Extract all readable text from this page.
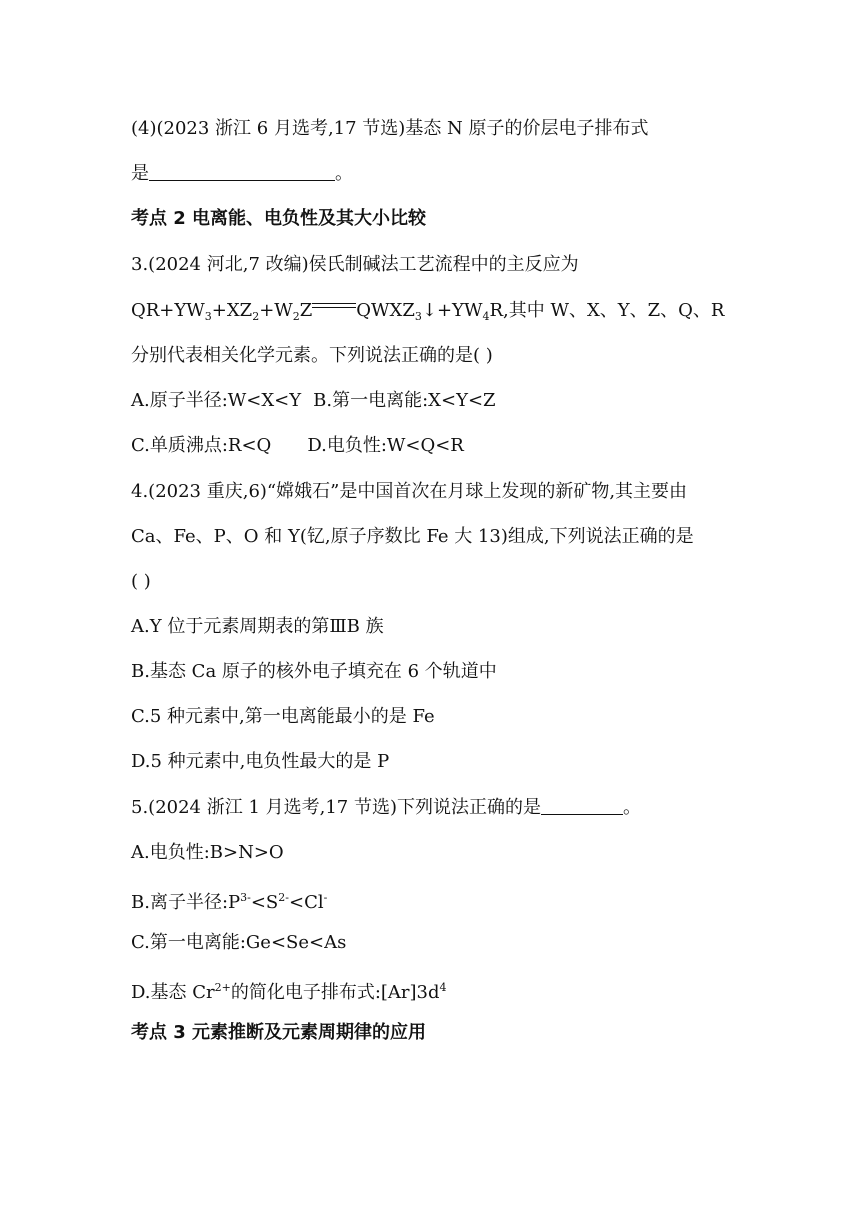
(4)(2023 浙江 6 月选考,17 节选)基态 N 原子的价层电子排布式
是	。
考点 2 电离能、电负性及其大小比较
3.(2024 河北,7 改编)侯氏制碱法工艺流程中的主反应为
$QR+YW_3+XZ_2+W_2Z$ $QWXZ_3↓+YW_4R$,其中 W、X、Y、Z、Q、R
分别代表相关化学元素。下列说法正确的是( )
A.原子半径:W<X<Y B.第一电离能:X<Y<Z
C.单质沸点:R<Q D.电负性:W<Q<R
4.(2023 重庆,6)“嫦娥石”是中国首次在月球上发现的新矿物,其主要由
Ca、Fe、P、O 和 Y(钇,原子序数比 Fe 大 13)组成,下列说法正确的是
( )
A.Y 位于元素周期表的第ⅢB 族
B.基态 Ca 原子的核外电子填充在 6 个轨道中
C.5 种元素中,第一电离能最小的是 Fe
D.5 种元素中,电负性最大的是 P
5.(2024 浙江 1 月选考,17 节选)下列说法正确的是	。
A.电负性:B>N>O
B.离子半径$:P^{3-}<S^{2-}<Cl^-$
C.第一电离能:Ge<Se<As
D.基态 $Cr^{2+}$的简化电子排布式$:[Ar]3d^4$
考点 3 元素推断及元素周期律的应用
